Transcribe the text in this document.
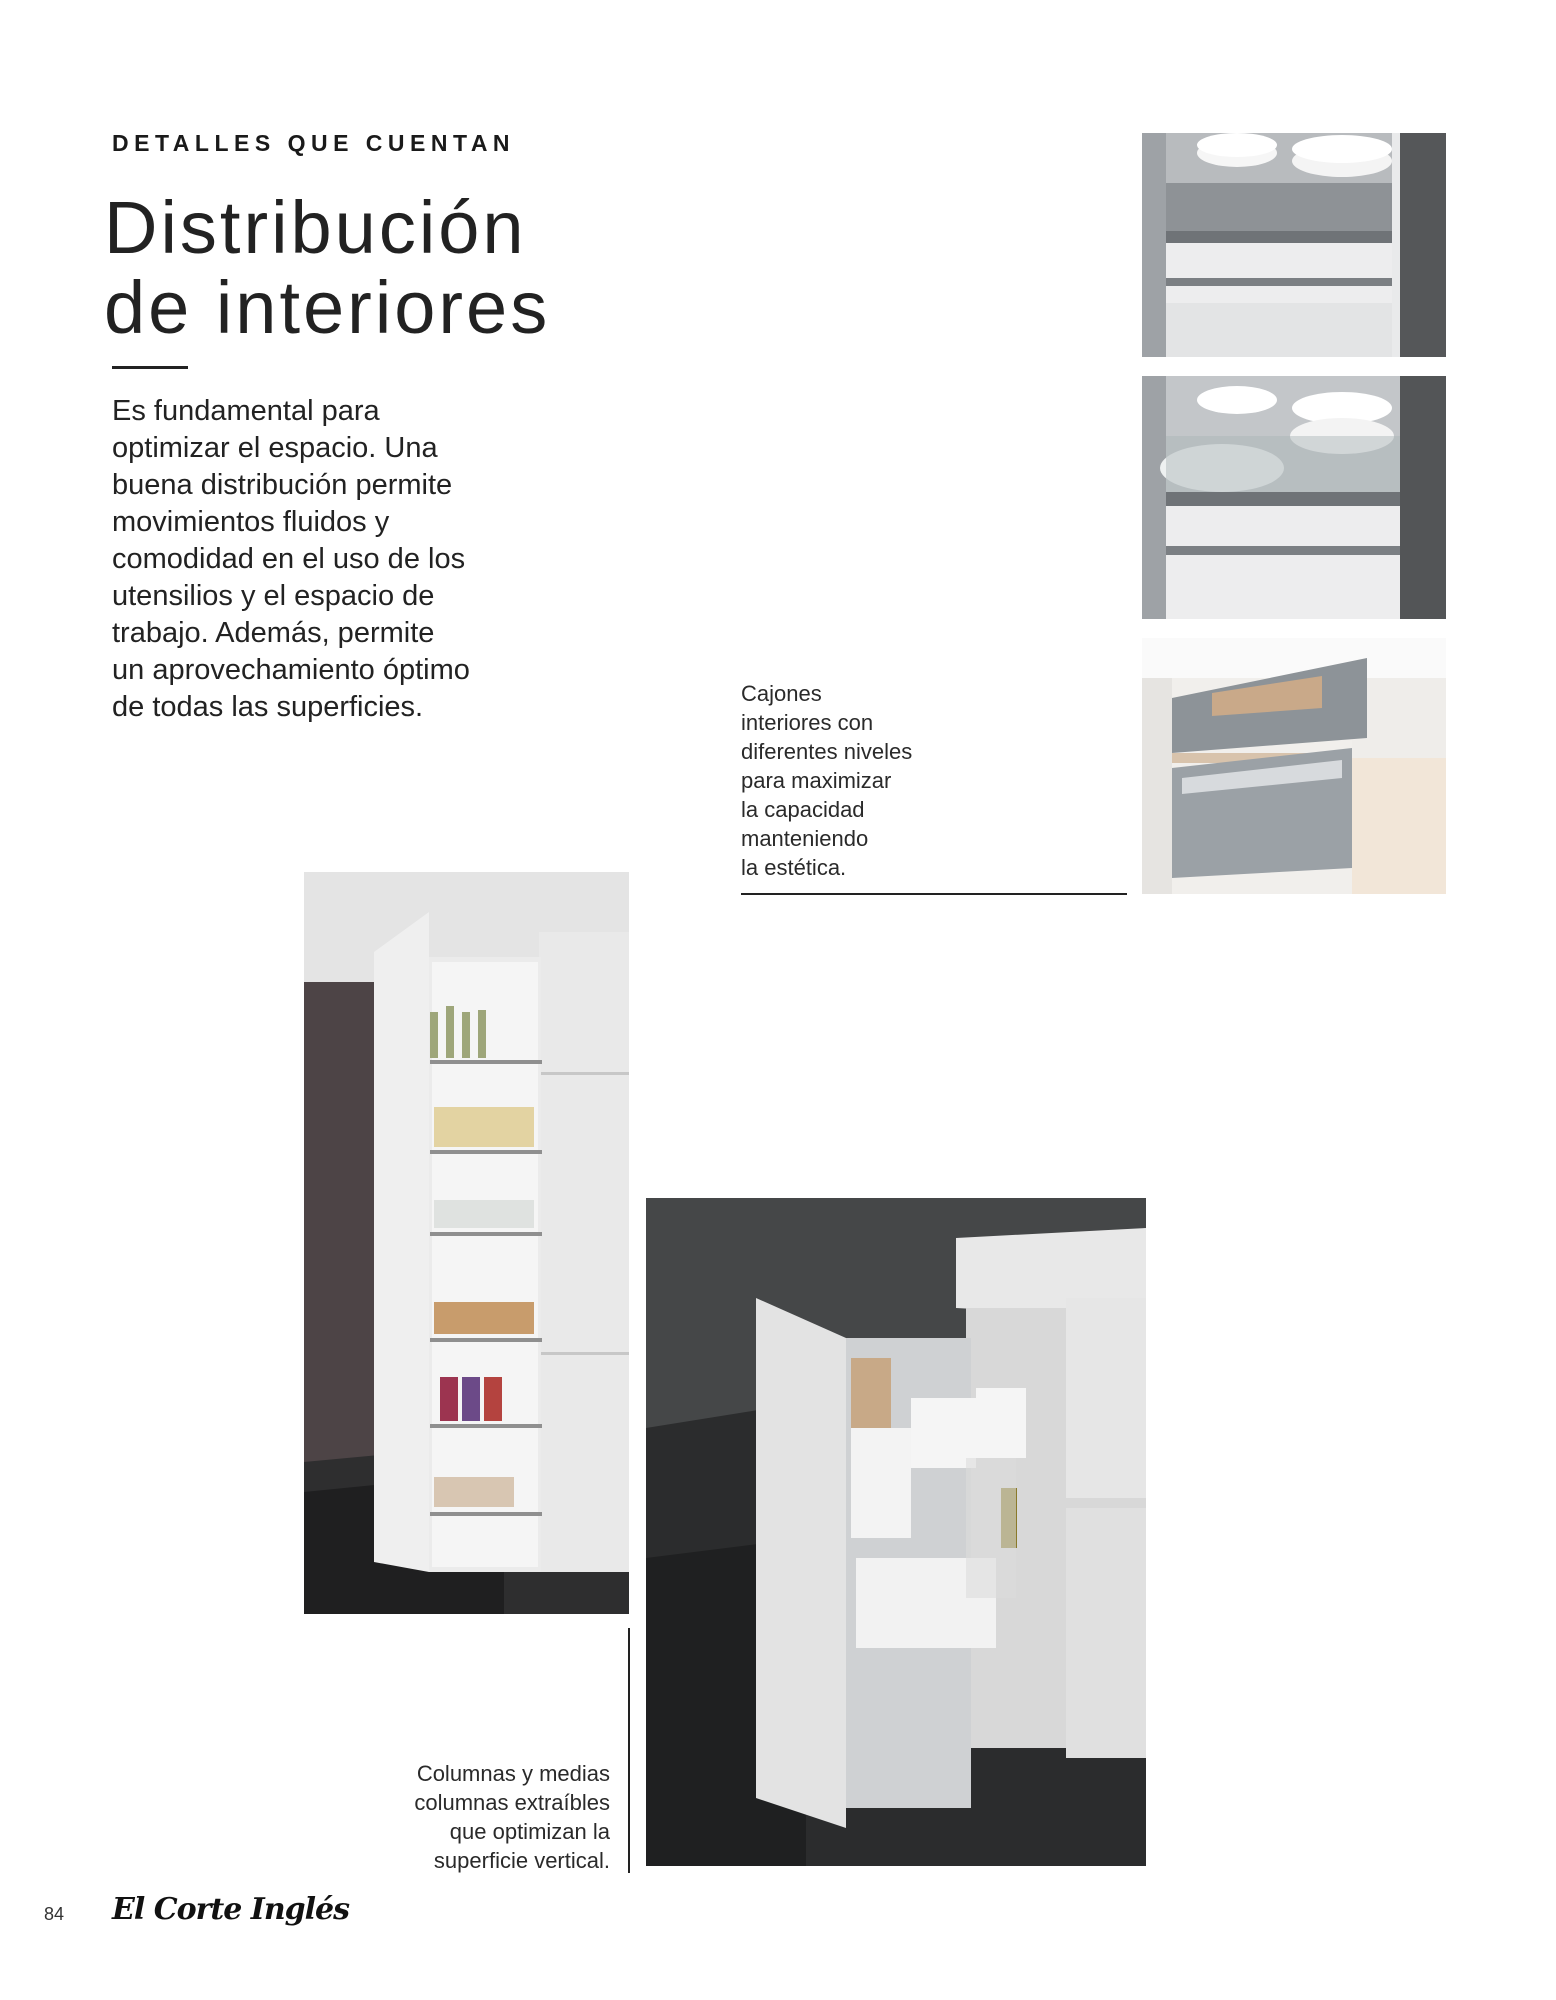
DETALLES QUE CUENTAN
Distribución
de interiores

Es fundamental para
optimizar el espacio. Una
buena distribución permite
movimientos fluidos y
comodidad en el uso de los
utensilios y el espacio de
trabajo. Además, permite
un aprovechamiento óptimo
de todas las superficies.	Cajones
interiores con
diferentes niveles
para maximizar
la capacidad
manteniendo
la estética.

Columnas y medias
columnas extraíbles
que optimizan la
superficie vertical.

84 El Corte Inglés
